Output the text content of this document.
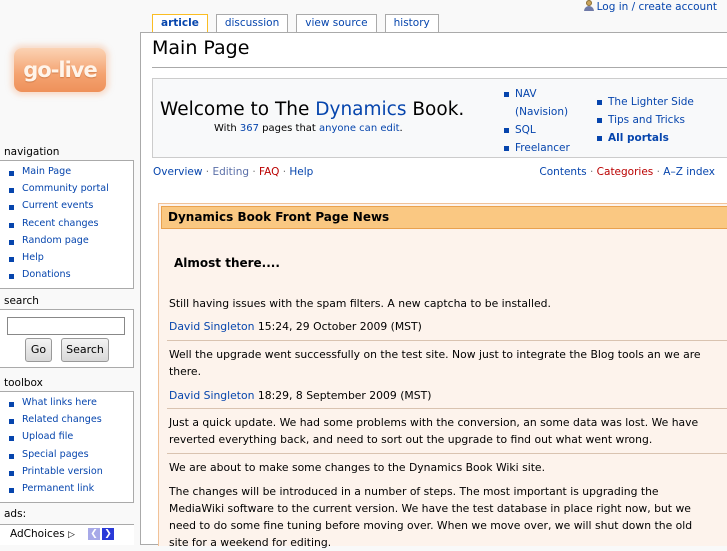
Log in / create account
article	discussion	view source	history
go-live
navigation
Main Page
Community portal
Current events
Recent changes
Random page
Help
Donations
search
Go	Search
toolbox
What links here
Related changes
Upload file
Special pages
Printable version
Permanent link
ads:
AdChoices ▷ ❮ ❯
Main Page
Welcome to The Dynamics Book.
With 367 pages that anyone can edit.
NAV
(Navision)
SQL
Freelancer
The Lighter Side
Tips and Tricks
All portals
Overview · Editing · FAQ · Help	Contents · Categories · A–Z index
Dynamics Book Front Page News
Almost there....
Still having issues with the spam filters. A new captcha to be installed.
David Singleton 15:24, 29 October 2009 (MST)
Well the upgrade went successfully on the test site. Now just to integrate the Blog tools an we are there.
David Singleton 18:29, 8 September 2009 (MST)
Just a quick update. We had some problems with the conversion, an some data was lost. We have reverted everything back, and need to sort out the upgrade to find out what went wrong.
We are about to make some changes to the Dynamics Book Wiki site.
The changes will be introduced in a number of steps. The most important is upgrading the MediaWiki software to the current version. We have the test database in place right now, but we need to do some fine tuning before moving over. When we move over, we will shut down the old site for a weekend for editing.
